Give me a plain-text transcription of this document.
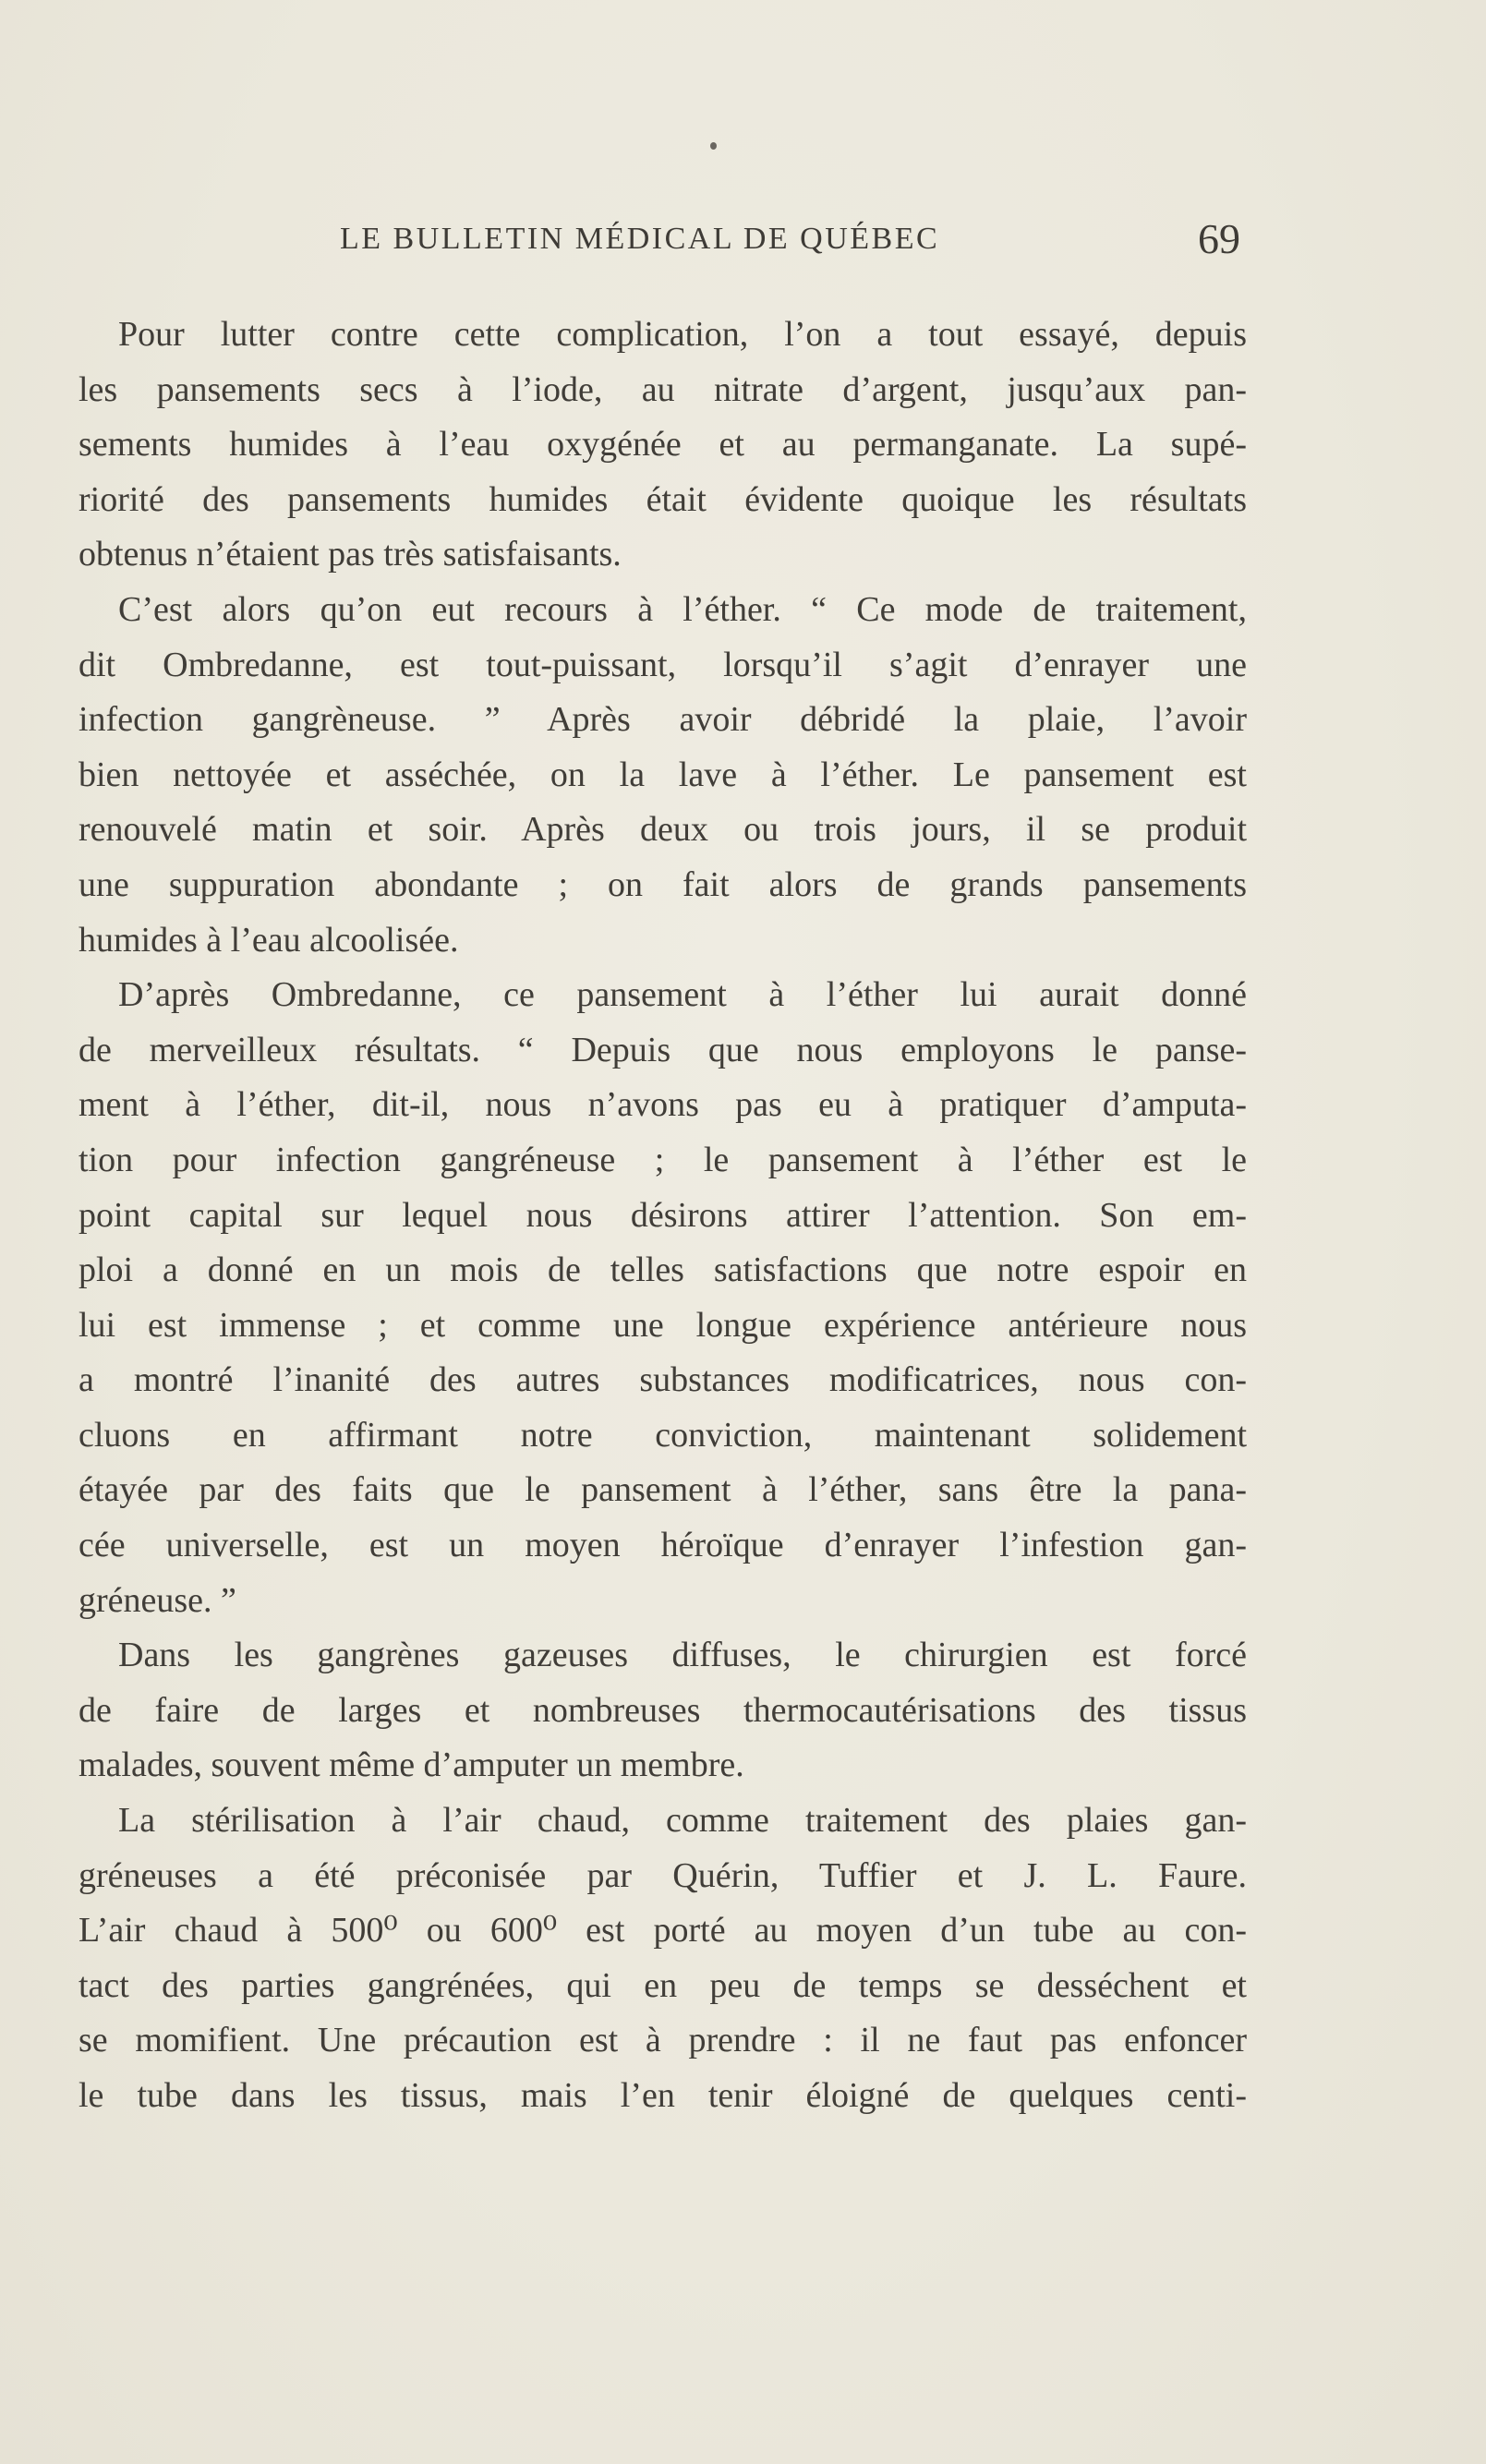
LE BULLETIN MÉDICAL DE QUÉBEC	69
Pour lutter contre cette complication, l’on a tout essayé, depuis
les pansements secs à l’iode, au nitrate d’argent, jusqu’aux pan-
sements humides à l’eau oxygénée et au permanganate. La supé-
riorité des pansements humides était évidente quoique les résultats
obtenus n’étaient pas très satisfaisants.
C’est alors qu’on eut recours à l’éther. “ Ce mode de traitement,
dit Ombredanne, est tout-puissant, lorsqu’il s’agit d’enrayer une
infection gangrèneuse. ” Après avoir débridé la plaie, l’avoir
bien nettoyée et asséchée, on la lave à l’éther. Le pansement est
renouvelé matin et soir. Après deux ou trois jours, il se produit
une suppuration abondante ; on fait alors de grands pansements
humides à l’eau alcoolisée.
D’après Ombredanne, ce pansement à l’éther lui aurait donné
de merveilleux résultats. “ Depuis que nous employons le panse-
ment à l’éther, dit-il, nous n’avons pas eu à pratiquer d’amputa-
tion pour infection gangréneuse ; le pansement à l’éther est le
point capital sur lequel nous désirons attirer l’attention. Son em-
ploi a donné en un mois de telles satisfactions que notre espoir en
lui est immense ; et comme une longue expérience antérieure nous
a montré l’inanité des autres substances modificatrices, nous con-
cluons en affirmant notre conviction, maintenant solidement
étayée par des faits que le pansement à l’éther, sans être la pana-
cée universelle, est un moyen héroïque d’enrayer l’infestion gan-
gréneuse. ”
Dans les gangrènes gazeuses diffuses, le chirurgien est forcé
de faire de larges et nombreuses thermocautérisations des tissus
malades, souvent même d’amputer un membre.
La stérilisation à l’air chaud, comme traitement des plaies gan-
gréneuses a été préconisée par Quérin, Tuffier et J. L. Faure.
L’air chaud à 500⁰ ou 600⁰ est porté au moyen d’un tube au con-
tact des parties gangrénées, qui en peu de temps se desséchent et
se momifient. Une précaution est à prendre : il ne faut pas enfoncer
le tube dans les tissus, mais l’en tenir éloigné de quelques centi-
